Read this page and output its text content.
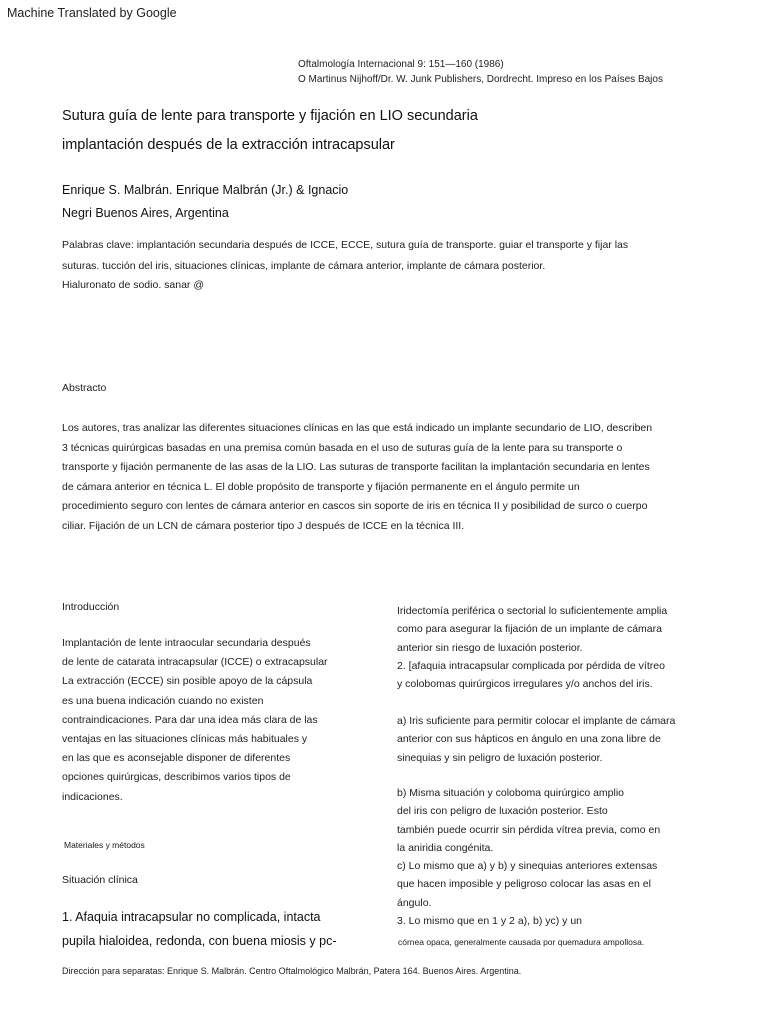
Machine Translated by Google
Oftalmología Internacional 9: 151—160 (1986)
O Martinus Nijhoff/Dr. W. Junk Publishers, Dordrecht. Impreso en los Países Bajos
Sutura guía de lente para transporte y fijación en LIO secundaria
implantación después de la extracción intracapsular
Enrique S. Malbrán. Enrique Malbrán (Jr.) & Ignacio
Negri Buenos Aires, Argentina
Palabras clave: implantación secundaria después de ICCE, ECCE, sutura guía de transporte. guiar el transporte y fijar las
suturas. tucción del iris, situaciones clínicas, implante de cámara anterior, implante de cámara posterior.
Hialuronato de sodio. sanar @
Abstracto
Los autores, tras analizar las diferentes situaciones clínicas en las que está indicado un implante secundario de LIO, describen
3 técnicas quirúrgicas basadas en una premisa común basada en el uso de suturas guía de la lente para su transporte o
transporte y fijación permanente de las asas de la LIO. Las suturas de transporte facilitan la implantación secundaria en lentes
de cámara anterior en técnica L. El doble propósito de transporte y fijación permanente en el ángulo permite un
procedimiento seguro con lentes de cámara anterior en cascos sin soporte de iris en técnica II y posibilidad de surco o cuerpo
ciliar. Fijación de un LCN de cámara posterior tipo J después de ICCE en la técnica III.
Introducción
Implantación de lente intraocular secundaria después
de lente de catarata intracapsular (ICCE) o extracapsular
La extracción (ECCE) sin posible apoyo de la cápsula
es una buena indicación cuando no existen
contraindicaciones. Para dar una idea más clara de las
ventajas en las situaciones clínicas más habituales y
en las que es aconsejable disponer de diferentes
opciones quirúrgicas, describimos varios tipos de
indicaciones.
Materiales y métodos
Situación clínica
1. Afaquia intracapsular no complicada, intacta
pupila hialoidea, redonda, con buena miosis y pc-
Iridectomía periférica o sectorial lo suficientemente amplia
como para asegurar la fijación de un implante de cámara
anterior sin riesgo de luxación posterior.
2. [afaquia intracapsular complicada por pérdida de vítreo
y colobomas quirúrgicos irregulares y/o anchos del iris.
a) Iris suficiente para permitir colocar el implante de cámara
anterior con sus hápticos en ángulo en una zona libre de
sinequias y sin peligro de luxación posterior.
b) Misma situación y coloboma quirúrgico amplio
del iris con peligro de luxación posterior. Esto
también puede ocurrir sin pérdida vítrea previa, como en
la aniridia congénita.
c) Lo mismo que a) y b) y sinequias anteriores extensas
que hacen imposible y peligroso colocar las asas en el
ángulo.
3. Lo mismo que en 1 y 2 a), b) yc) y un
córnea opaca, generalmente causada por quemadura ampollosa.
Dirección para separatas: Enrique S. Malbrán. Centro Oftalmológico Malbrán, Patera 164. Buenos Aires. Argentina.
